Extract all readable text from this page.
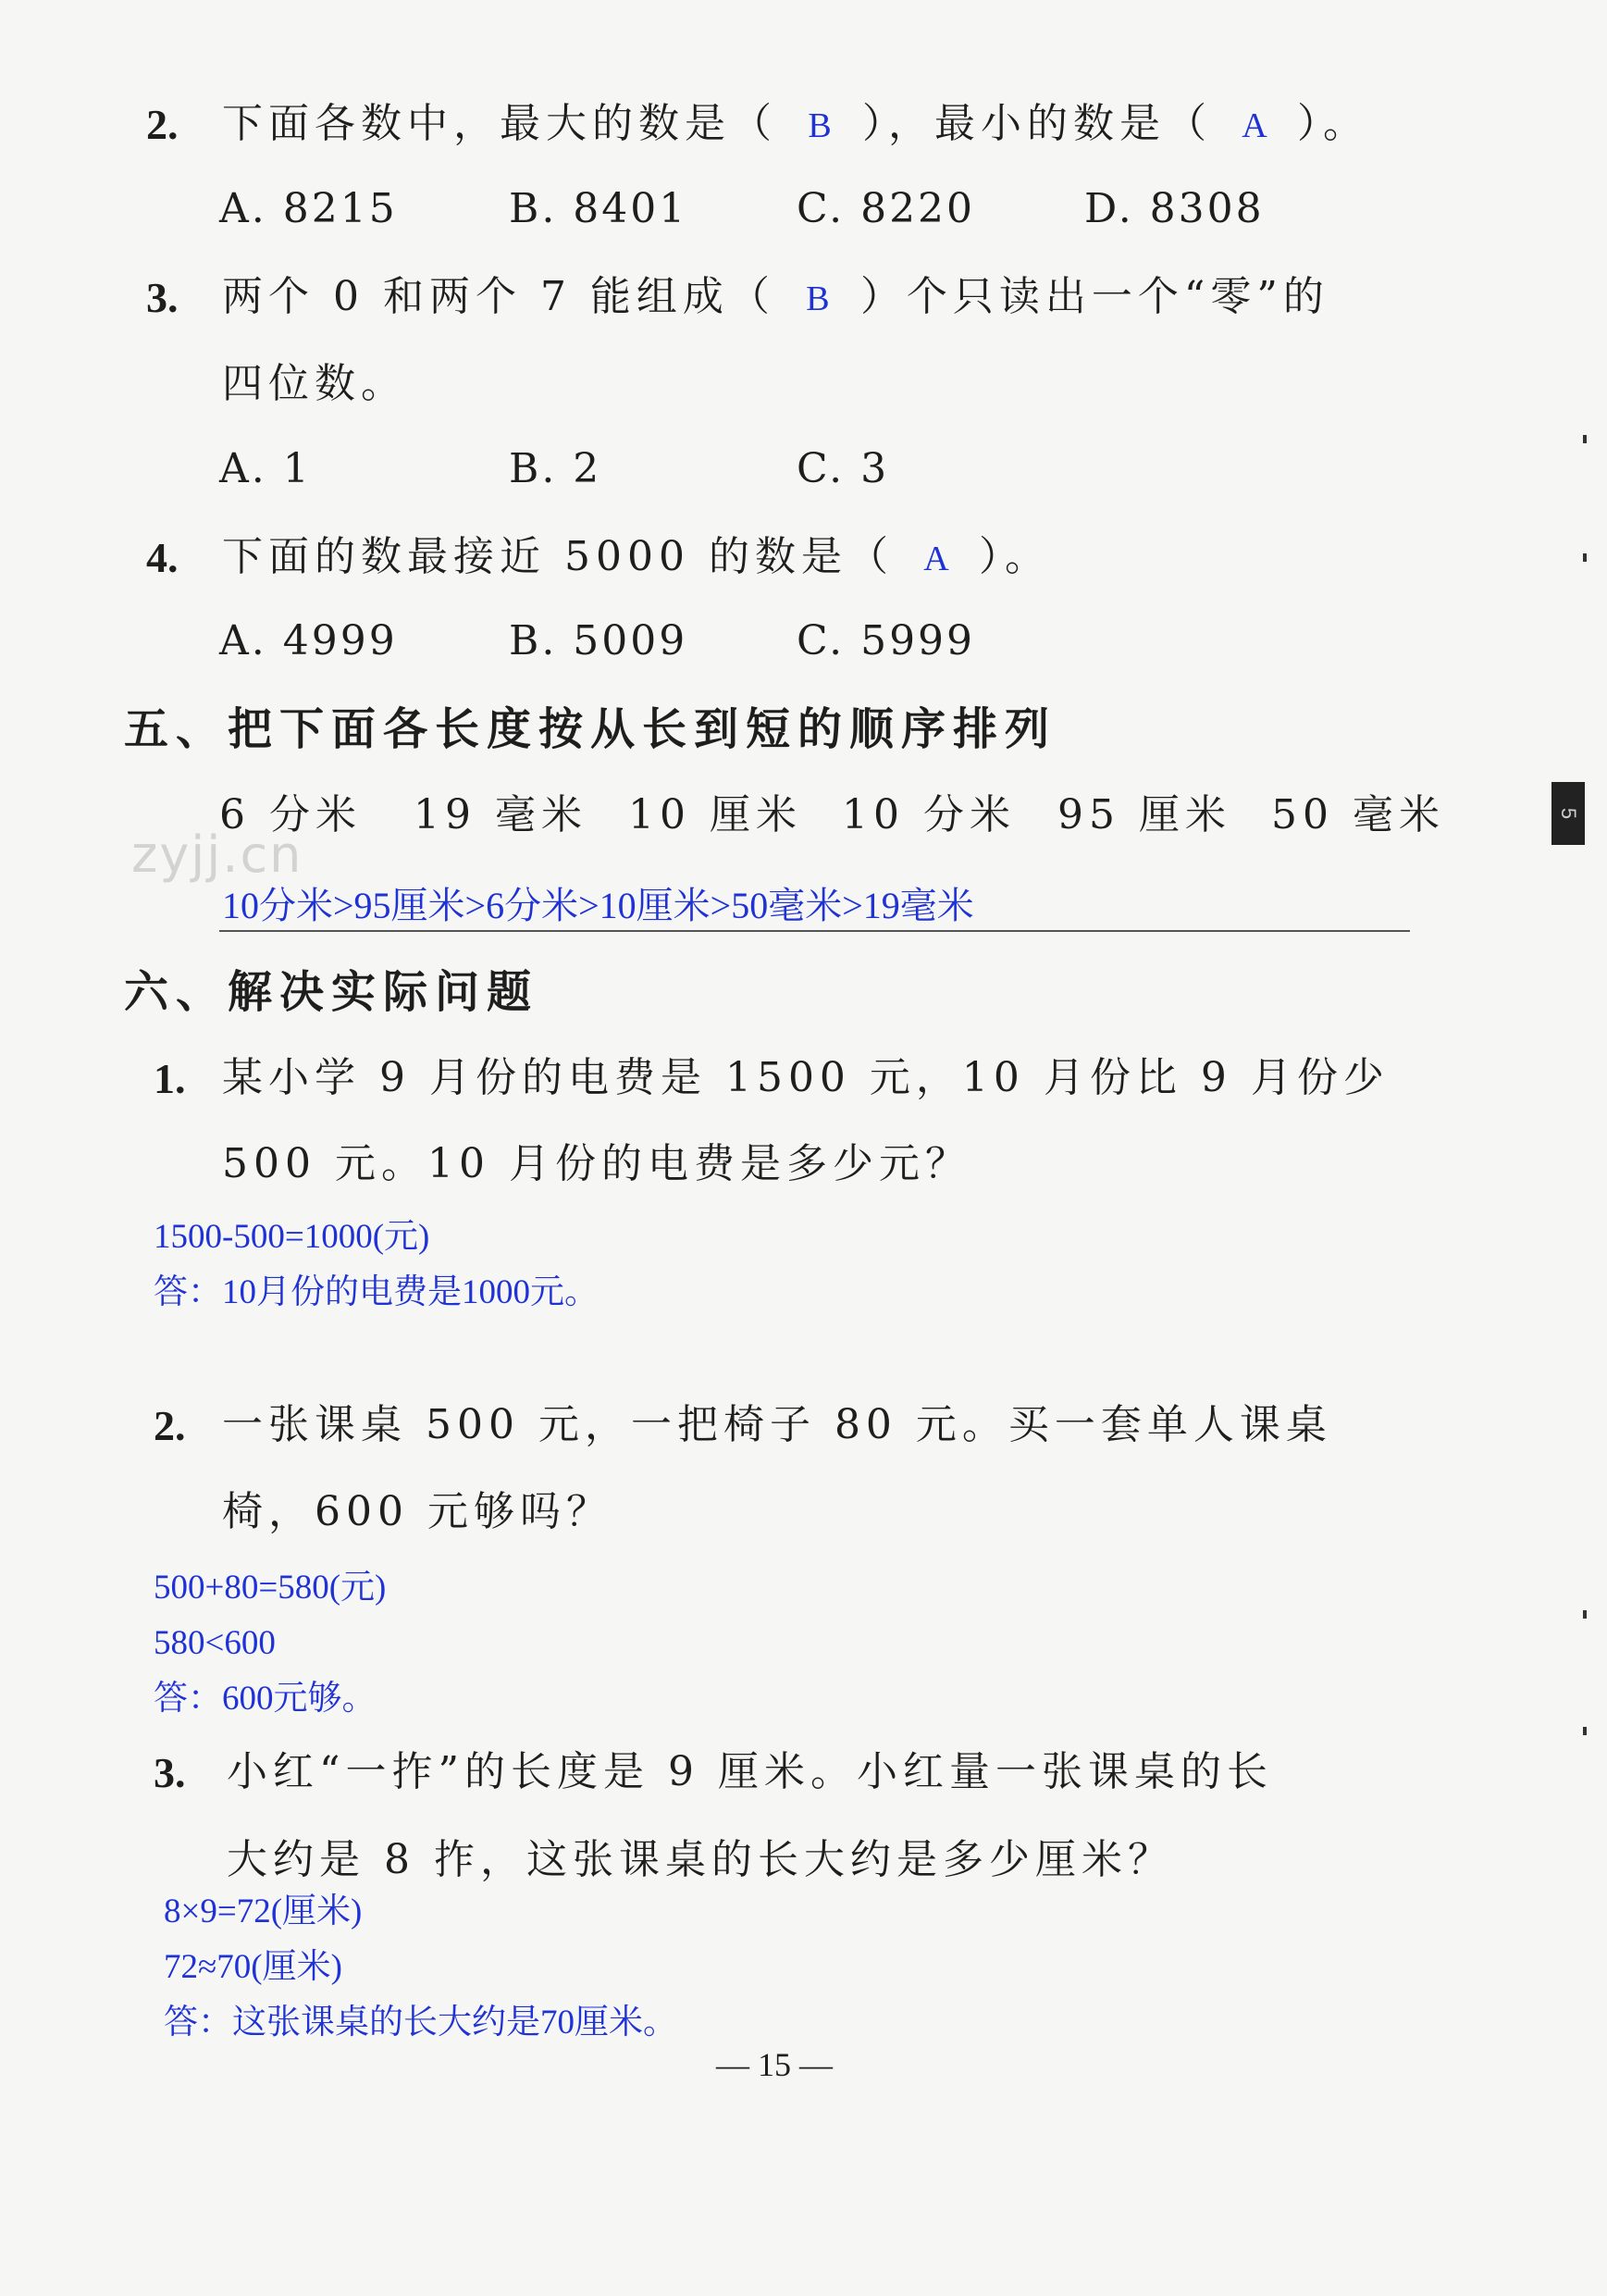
2. 下面各数中，最大的数是（ B ），最小的数是（ A ）。
A. 8215	B. 8401	C. 8220	D. 8308
3. 两个 0 和两个 7 能组成（ B ）个只读出一个“零”的
四位数。
A. 1	B. 2	C. 3
4. 下面的数最接近 5000 的数是（ A ）。
A. 4999	B. 5009	C. 5999
五、把下面各长度按从长到短的顺序排列
6 分米 19 毫米 10 厘米 10 分米 95 厘米 50 毫米
zyjj.cn
10分米>95厘米>6分米>10厘米>50毫米>19毫米
六、解决实际问题
1. 某小学 9 月份的电费是 1500 元，10 月份比 9 月份少
500 元。10 月份的电费是多少元？
1500-500=1000(元)
答：10月份的电费是1000元。
2. 一张课桌 500 元，一把椅子 80 元。买一套单人课桌
椅，600 元够吗？
500+80=580(元)
580<600
答：600元够。
3. 小红“一拃”的长度是 9 厘米。小红量一张课桌的长
大约是 8 拃，这张课桌的长大约是多少厘米？
8×9=72(厘米)
72≈70(厘米)
答：这张课桌的长大约是70厘米。
— 15 —
5
